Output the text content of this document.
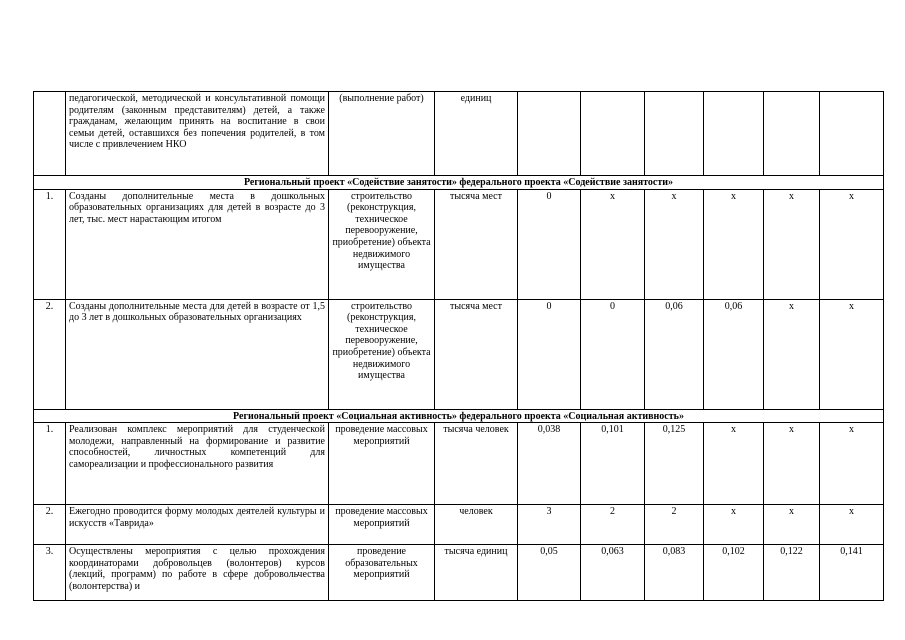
	педагогической, методической и консультативной помощи родителям (законным представителям) детей, а также гражданам, желающим принять на воспитание в свои семьи детей, оставшихся без попечения родителей, в том числе с привлечением НКО	(выполнение работ)	единиц						
Региональный проект «Содействие занятости» федерального проекта «Содействие занятости»									
1.	Созданы дополнительные места в дошкольных образовательных организациях для детей в возрасте до 3 лет, тыс. мест нарастающим итогом	строительство (реконструкция, техническое перевооружение, приобретение) объекта недвижимого имущества	тысяча мест	0	x	x	x	x	x
2.	Созданы дополнительные места для детей в возрасте от 1,5 до 3 лет в дошкольных образовательных организациях	строительство (реконструкция, техническое перевооружение, приобретение) объекта недвижимого имущества	тысяча мест	0	0	0,06	0,06	x	x
Региональный проект «Социальная активность» федерального проекта «Социальная активность»									
1.	Реализован комплекс мероприятий для студенческой молодежи, направленный на формирование и развитие способностей, личностных компетенций для самореализации и профессионального развития	проведение массовых мероприятий	тысяча человек	0,038	0,101	0,125	x	x	x
2.	Ежегодно проводится форму молодых деятелей культуры и искусств «Таврида»	проведение массовых мероприятий	человек	3	2	2	x	x	x
3.	Осуществлены мероприятия с целью прохождения координаторами добровольцев (волонтеров) курсов (лекций, программ) по работе в сфере добровольчества (волонтерства) и	проведение образовательных мероприятий	тысяча единиц	0,05	0,063	0,083	0,102	0,122	0,141
